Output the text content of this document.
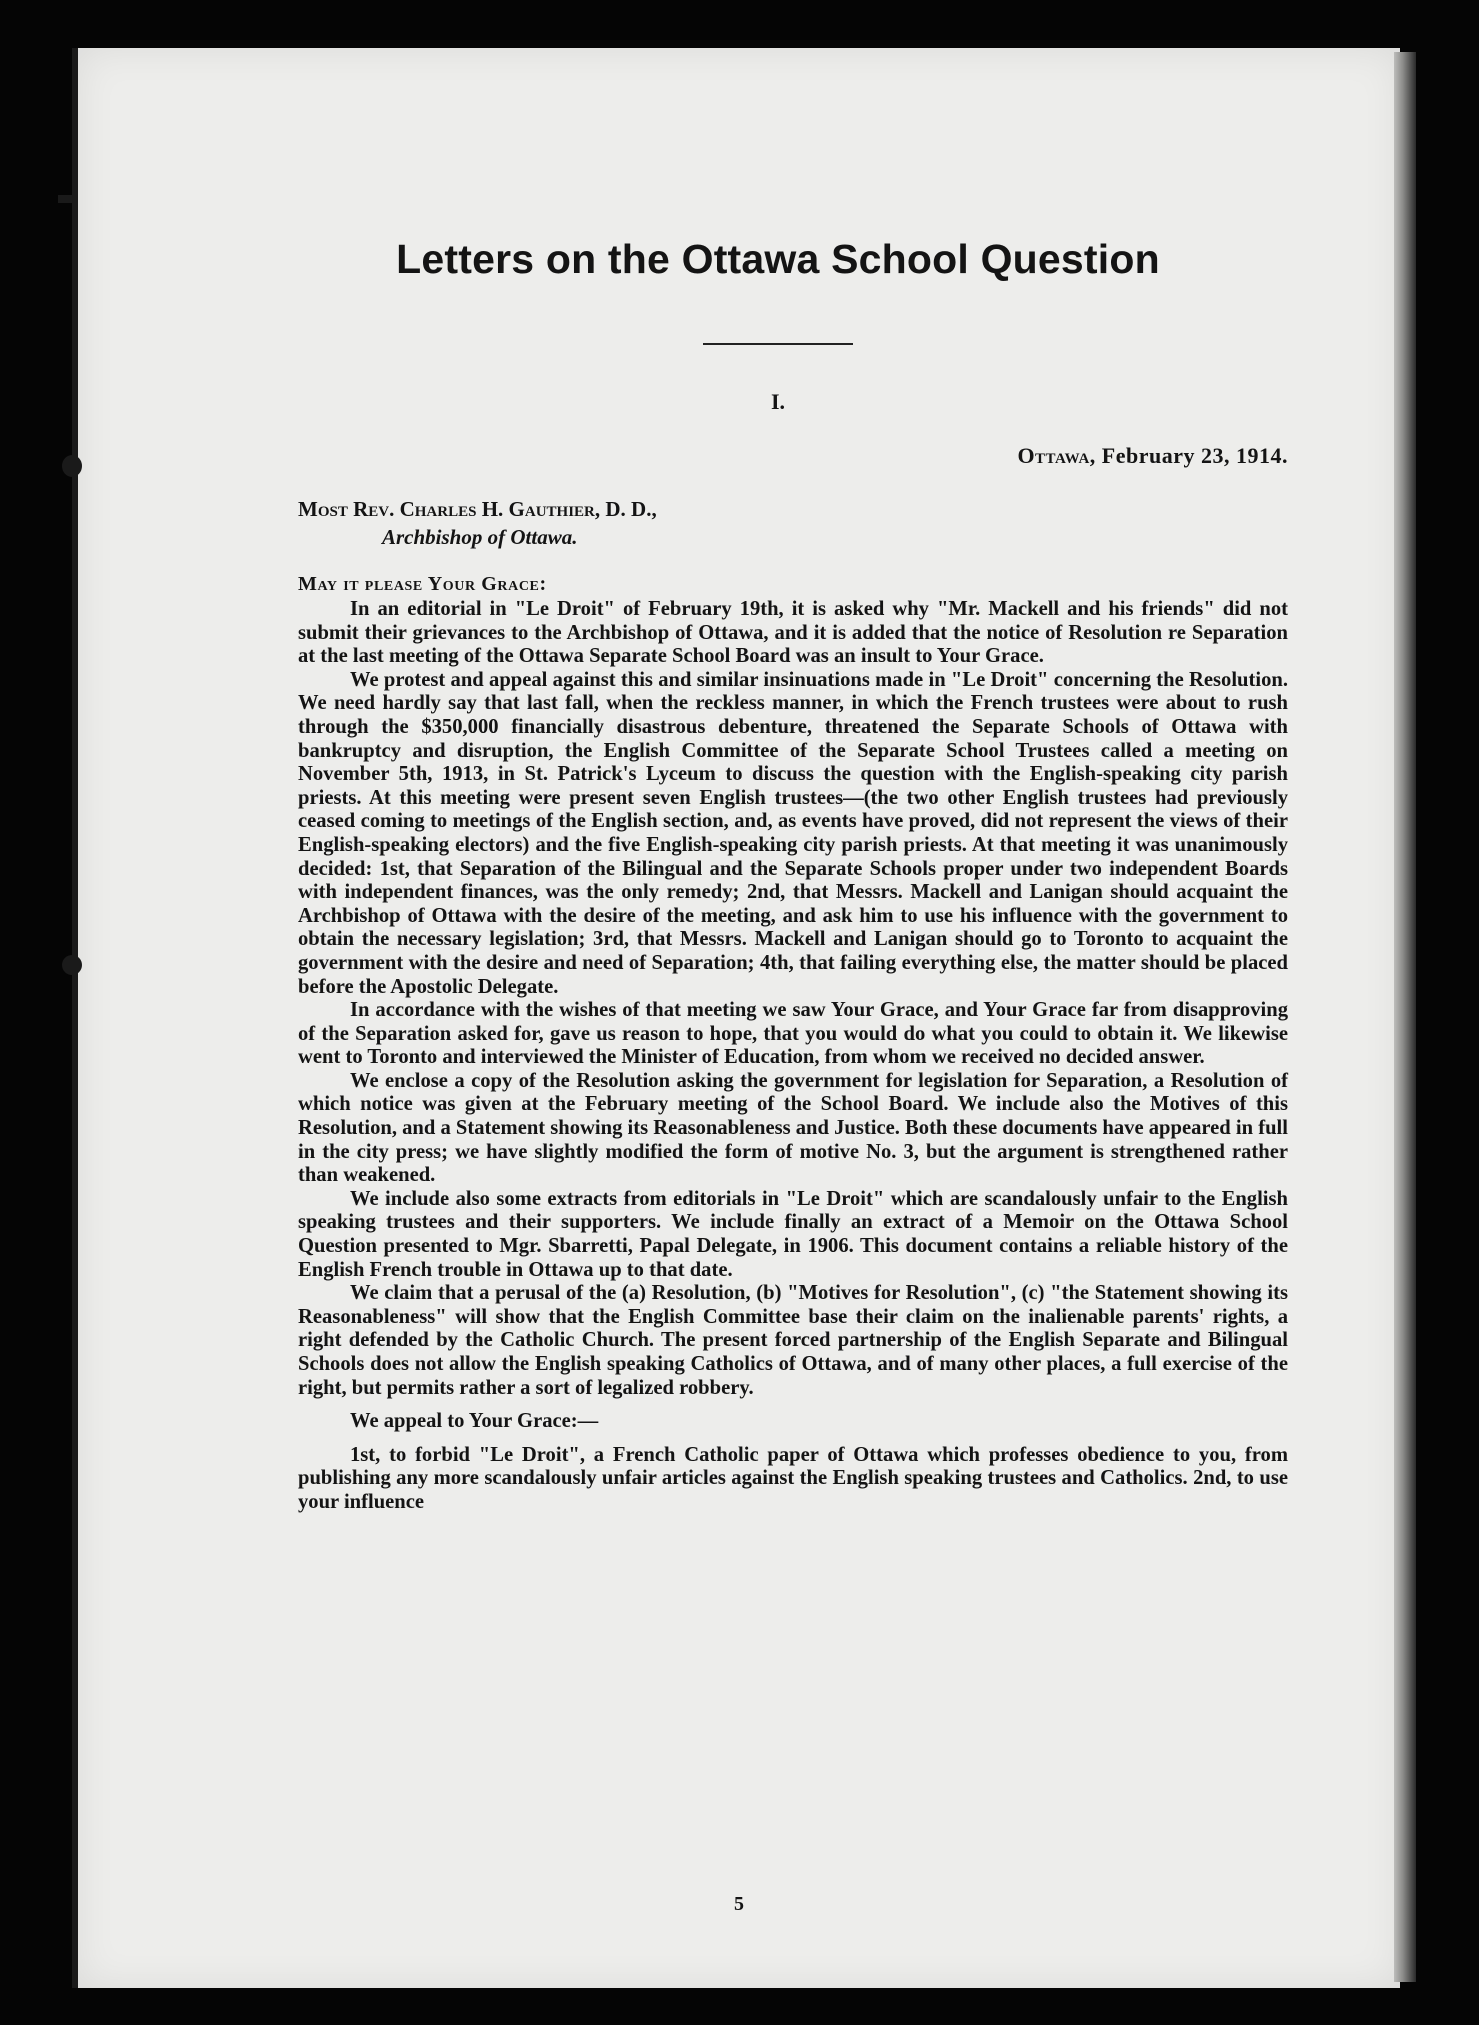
Letters on the Ottawa School Question
I.
Ottawa, February 23, 1914.
Most Rev. Charles H. Gauthier, D. D.,
Archbishop of Ottawa.
May it please Your Grace:

In an editorial in "Le Droit" of February 19th, it is asked why "Mr. Mackell and his friends" did not submit their grievances to the Archbishop of Ottawa, and it is added that the notice of Resolution re Separation at the last meeting of the Ottawa Separate School Board was an insult to Your Grace.

We protest and appeal against this and similar insinuations made in "Le Droit" concerning the Resolution. We need hardly say that last fall, when the reckless manner, in which the French trustees were about to rush through the $350,000 financially disastrous debenture, threatened the Separate Schools of Ottawa with bankruptcy and disruption, the English Committee of the Separate School Trustees called a meeting on November 5th, 1913, in St. Patrick's Lyceum to discuss the question with the English-speaking city parish priests. At this meeting were present seven English trustees—(the two other English trustees had previously ceased coming to meetings of the English section, and, as events have proved, did not represent the views of their English-speaking electors) and the five English-speaking city parish priests. At that meeting it was unanimously decided: 1st, that Separation of the Bilingual and the Separate Schools proper under two independent Boards with independent finances, was the only remedy; 2nd, that Messrs. Mackell and Lanigan should acquaint the Archbishop of Ottawa with the desire of the meeting, and ask him to use his influence with the government to obtain the necessary legislation; 3rd, that Messrs. Mackell and Lanigan should go to Toronto to acquaint the government with the desire and need of Separation; 4th, that failing everything else, the matter should be placed before the Apostolic Delegate.

In accordance with the wishes of that meeting we saw Your Grace, and Your Grace far from disapproving of the Separation asked for, gave us reason to hope, that you would do what you could to obtain it. We likewise went to Toronto and interviewed the Minister of Education, from whom we received no decided answer.

We enclose a copy of the Resolution asking the government for legislation for Separation, a Resolution of which notice was given at the February meeting of the School Board. We include also the Motives of this Resolution, and a Statement showing its Reasonableness and Justice. Both these documents have appeared in full in the city press; we have slightly modified the form of motive No. 3, but the argument is strengthened rather than weakened.

We include also some extracts from editorials in "Le Droit" which are scandalously unfair to the English speaking trustees and their supporters. We include finally an extract of a Memoir on the Ottawa School Question presented to Mgr. Sbarretti, Papal Delegate, in 1906. This document contains a reliable history of the English French trouble in Ottawa up to that date.

We claim that a perusal of the (a) Resolution, (b) "Motives for Resolution", (c) "the Statement showing its Reasonableness" will show that the English Committee base their claim on the inalienable parents' rights, a right defended by the Catholic Church. The present forced partnership of the English Separate and Bilingual Schools does not allow the English speaking Catholics of Ottawa, and of many other places, a full exercise of the right, but permits rather a sort of legalized robbery.

We appeal to Your Grace:—

1st, to forbid "Le Droit", a French Catholic paper of Ottawa which professes obedience to you, from publishing any more scandalously unfair articles against the English speaking trustees and Catholics. 2nd, to use your influence

5
